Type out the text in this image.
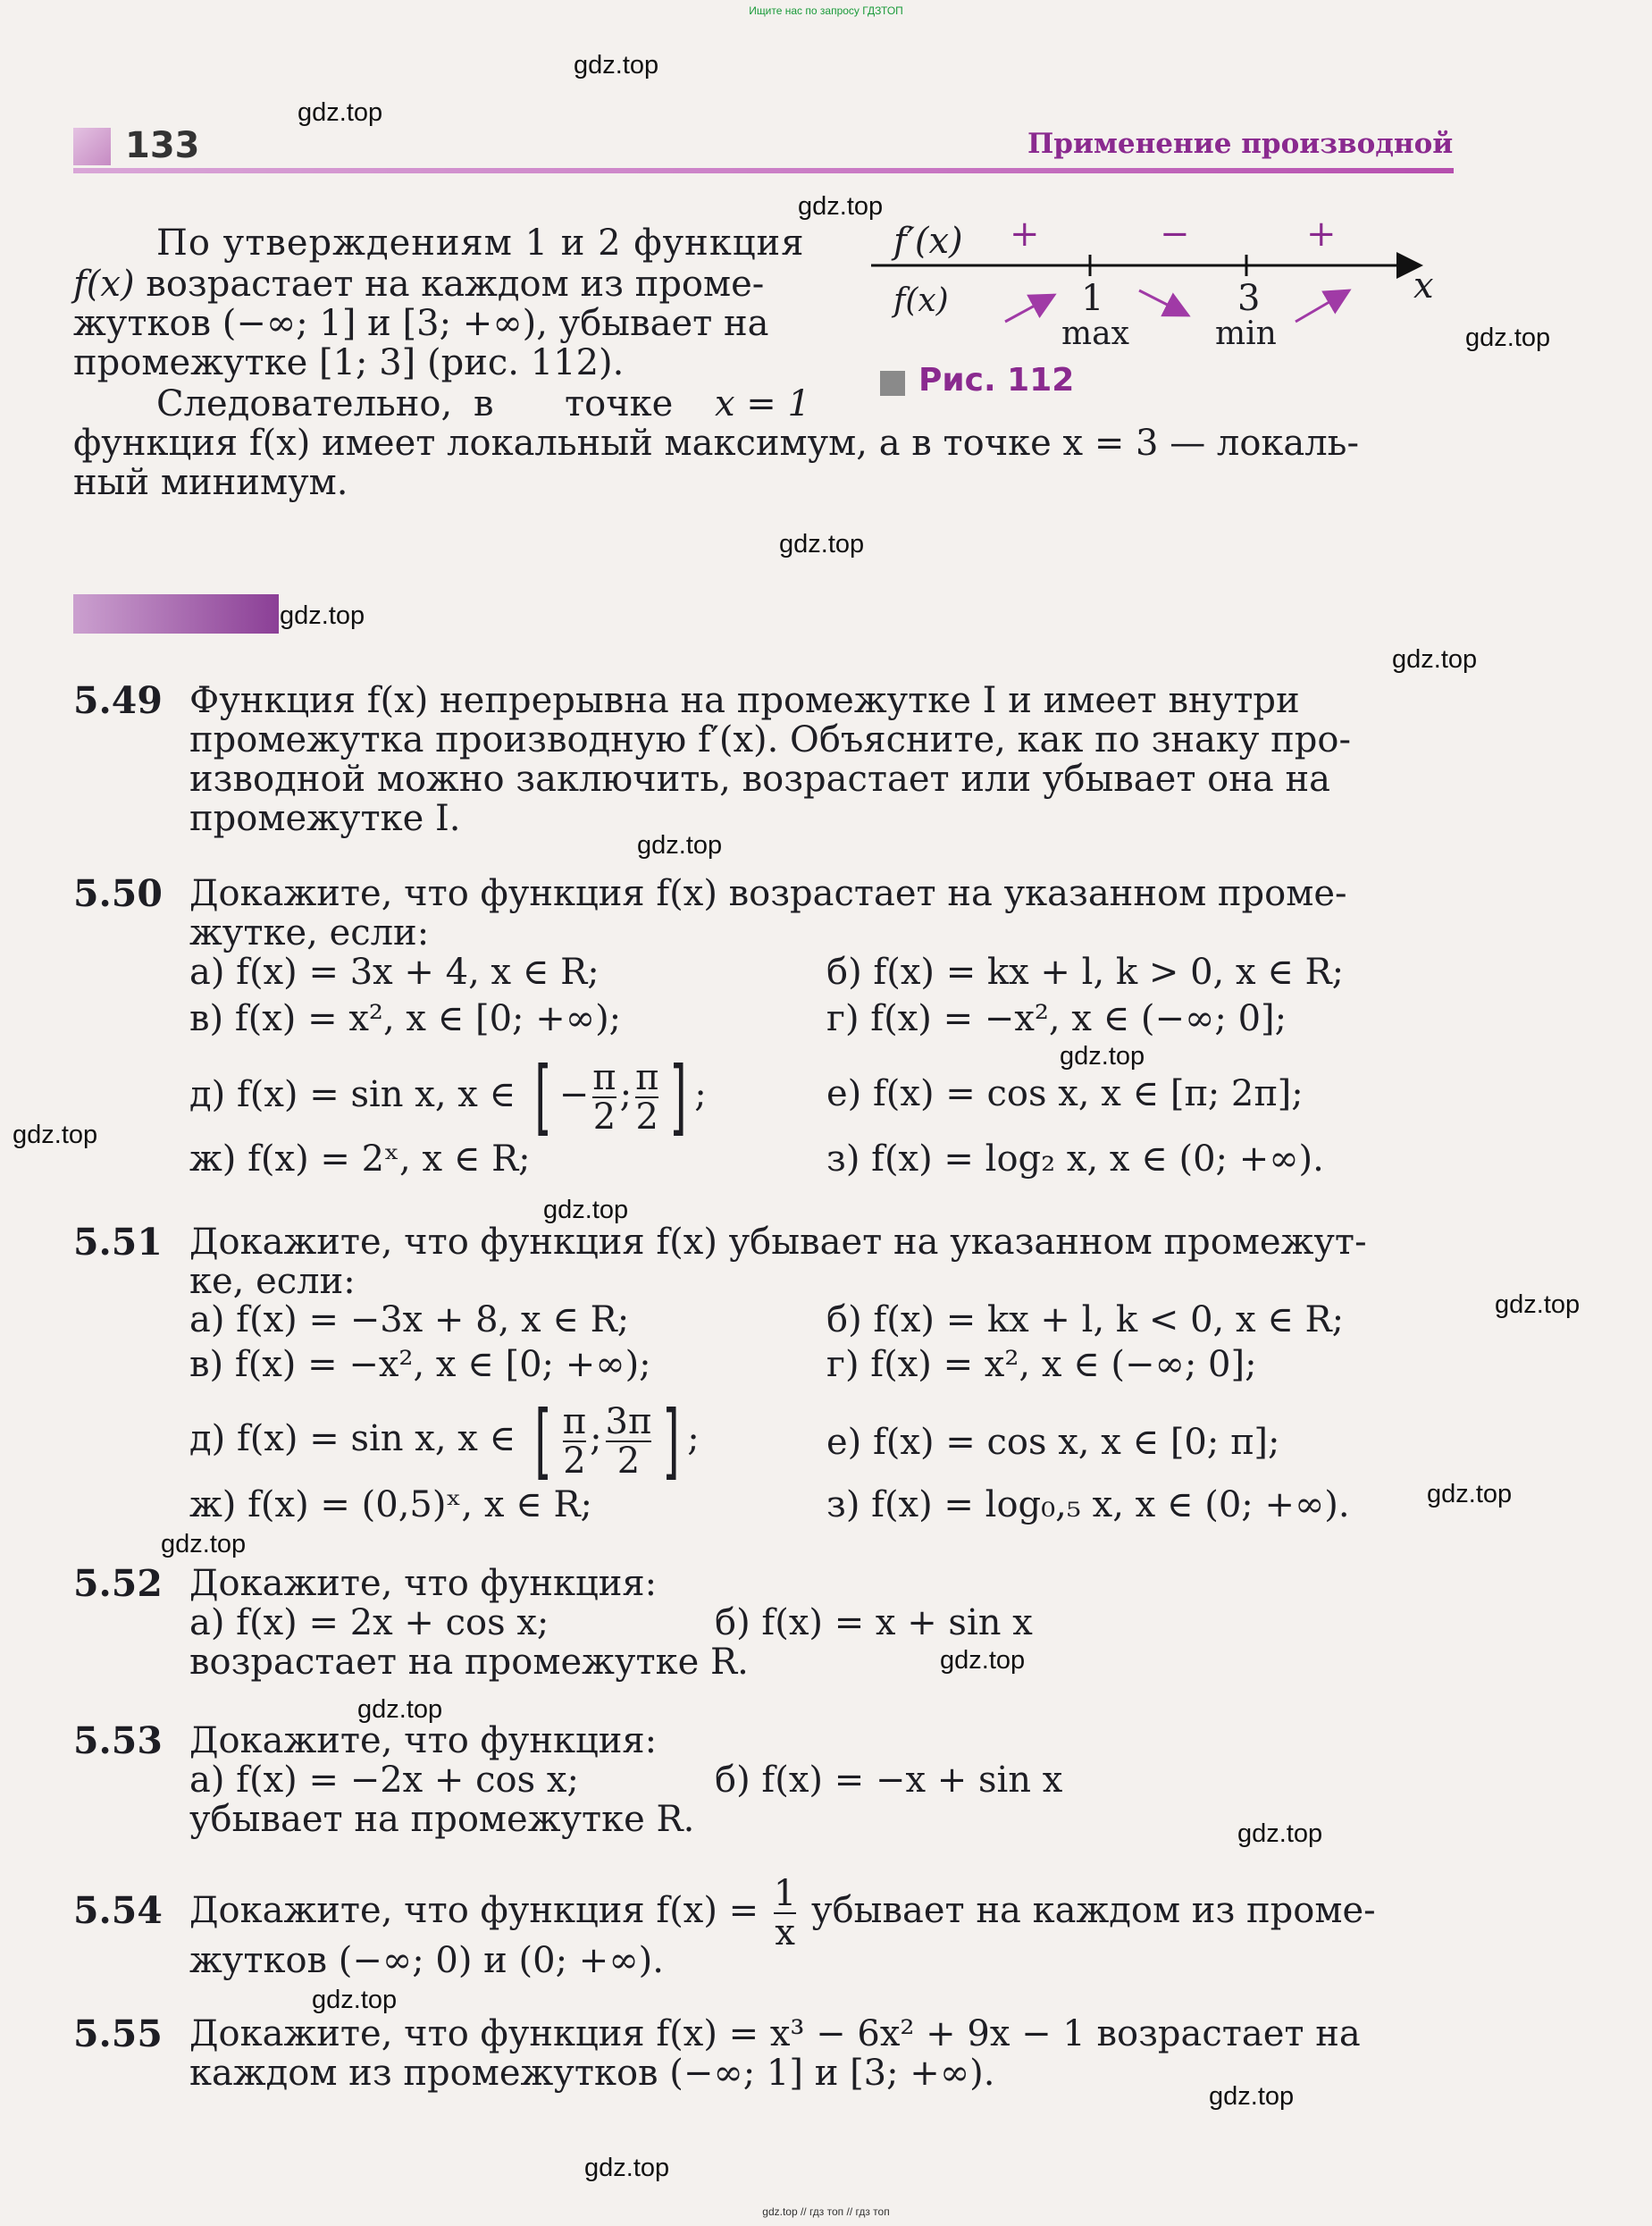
Ищите нас по запросу ГДЗТОП
133	Применение производной
По утверждениям 1 и 2 функция
f(x) возрастает на каждом из проме-
жутков (−∞; 1] и [3; +∞), убывает на
промежутке [1; 3] (рис. 112).
Следовательно, в точке x = 1
функция f(x) имеет локальный максимум, а в точке x = 3 — локаль-
ный минимум.
f′(x) +	−	+
f(x)	1	3	x
max	min
Рис. 112
5.49 Функция f(x) непрерывна на промежутке I и имеет внутри
промежутка производную f′(x). Объясните, как по знаку про-
изводной можно заключить, возрастает или убывает она на
промежутке I.
5.50 Докажите, что функция f(x) возрастает на указанном проме-
жутке, если:
а) f(x) = 3x + 4, x ∈ R;	б) f(x) = kx + l, k > 0, x ∈ R;
в) f(x) = x², x ∈ [0; +∞);	г) f(x) = −x², x ∈ (−∞; 0];
д) f(x) = sin x, x ∈ [ − $\frac{\pi}{2}$ ; $\frac{\pi}{2}$ ] ;	е) f(x) = cos x, x ∈ [π; 2π];
ж) f(x) = 2ˣ, x ∈ R;	з) f(x) = log₂ x, x ∈ (0; +∞).
5.51 Докажите, что функция f(x) убывает на указанном промежут-
ке, если:
а) f(x) = −3x + 8, x ∈ R;	б) f(x) = kx + l, k < 0, x ∈ R;
в) f(x) = −x², x ∈ [0; +∞);	г) f(x) = x², x ∈ (−∞; 0];
д) f(x) = sin x, x ∈ [ $\frac{\pi}{2}$ ; $\frac{3\pi}{2}$ ] ;	е) f(x) = cos x, x ∈ [0; π];
ж) f(x) = (0,5)ˣ, x ∈ R;	з) f(x) = log₀,₅ x, x ∈ (0; +∞).
5.52 Докажите, что функция:
а) f(x) = 2x + cos x;	б) f(x) = x + sin x
возрастает на промежутке R.
5.53 Докажите, что функция:
а) f(x) = −2x + cos x;	б) f(x) = −x + sin x
убывает на промежутке R.
5.54 Докажите, что функция $f(x) = \frac{1}{x}$ убывает на каждом из проме-
жутков (−∞; 0) и (0; +∞).
5.55 Докажите, что функция f(x) = x³ − 6x² + 9x − 1 возрастает на
каждом из промежутков (−∞; 1] и [3; +∞).
gdz.top
gdz.top
gdz.top
gdz.top
gdz.top
gdz.top
gdz.top
gdz.top
gdz.top
gdz.top
gdz.top
gdz.top
gdz.top
gdz.top
gdz.top
gdz.top
gdz.top
gdz.top
gdz.top
gdz.top
gdz.top // гдз топ // гдз топ
